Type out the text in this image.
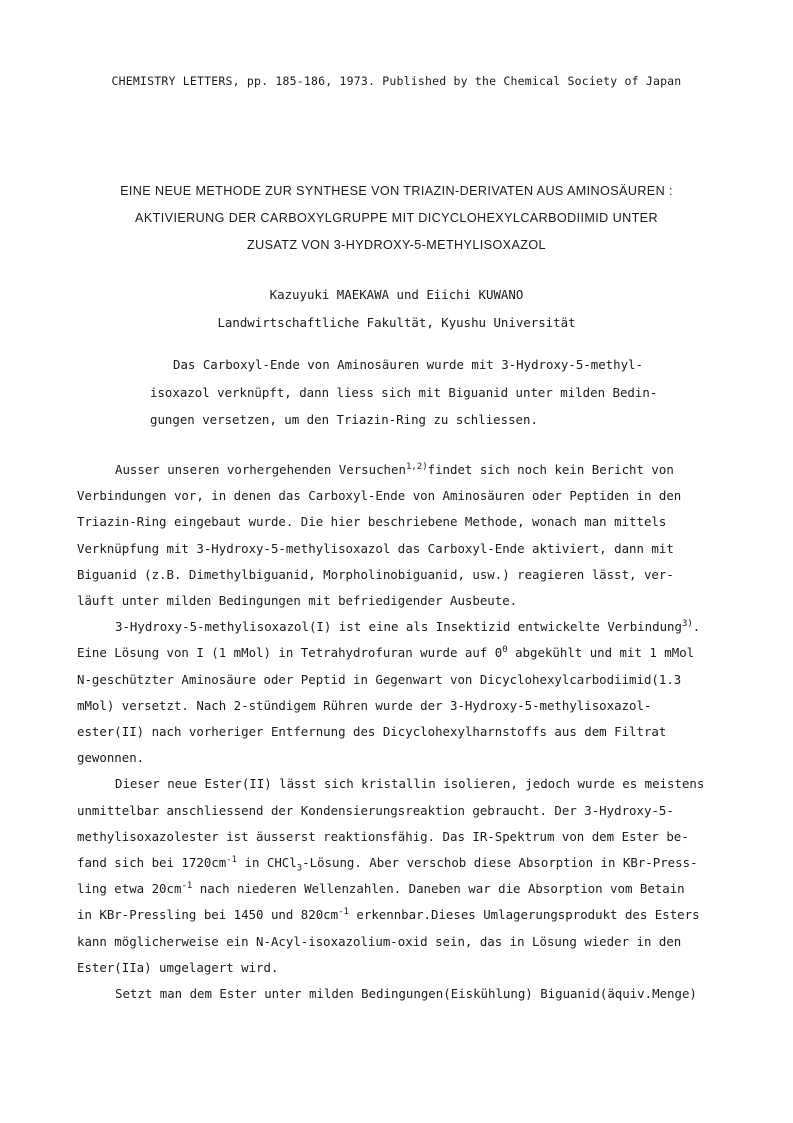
CHEMISTRY LETTERS, pp. 185-186, 1973. Published by the Chemical Society of Japan
EINE NEUE METHODE ZUR SYNTHESE VON TRIAZIN-DERIVATEN AUS AMINOSÄUREN :
AKTIVIERUNG DER CARBOXYLGRUPPE MIT DICYCLOHEXYLCARBODIIMID UNTER
ZUSATZ VON 3-HYDROXY-5-METHYLISOXAZOL
Kazuyuki MAEKAWA und Eiichi KUWANO
Landwirtschaftliche Fakultät, Kyushu Universität
Das Carboxyl-Ende von Aminosäuren wurde mit 3-Hydroxy-5-methyl-
isoxazol verknüpft, dann liess sich mit Biguanid unter milden Bedin-
gungen versetzen, um den Triazin-Ring zu schliessen.
Ausser unseren vorhergehenden Versuchen$^{1,2)}$findet sich noch kein Bericht von
Verbindungen vor, in denen das Carboxyl-Ende von Aminosäuren oder Peptiden in den
Triazin-Ring eingebaut wurde. Die hier beschriebene Methode, wonach man mittels
Verknüpfung mit 3-Hydroxy-5-methylisoxazol das Carboxyl-Ende aktiviert, dann mit
Biguanid (z.B. Dimethylbiguanid, Morpholinobiguanid, usw.) reagieren lässt, ver-
läuft unter milden Bedingungen mit befriedigender Ausbeute.
3-Hydroxy-5-methylisoxazol(I) ist eine als Insektizid entwickelte Verbindung$^{3)}$.
Eine Lösung von I (1 mMol) in Tetrahydrofuran wurde auf $0^0$ abgekühlt und mit 1 mMol
N-geschützter Aminosäure oder Peptid in Gegenwart von Dicyclohexylcarbodiimid(1.3
mMol) versetzt. Nach 2-stündigem Rühren wurde der 3-Hydroxy-5-methylisoxazol-
ester(II) nach vorheriger Entfernung des Dicyclohexylharnstoffs aus dem Filtrat
gewonnen.
Dieser neue Ester(II) lässt sich kristallin isolieren, jedoch wurde es meistens
unmittelbar anschliessend der Kondensierungsreaktion gebraucht. Der 3-Hydroxy-5-
methylisoxazolester ist äusserst reaktionsfähig. Das IR-Spektrum von dem Ester be-
fand sich bei $1720cm^{-1}$ in CHCl$_3$-Lösung. Aber verschob diese Absorption in KBr-Press-
ling etwa $20cm^{-1}$ nach niederen Wellenzahlen. Daneben war die Absorption vom Betain
in KBr-Pressling bei 1450 und $820cm^{-1}$ erkennbar.Dieses Umlagerungsprodukt des Esters
kann möglicherweise ein N-Acyl-isoxazolium-oxid sein, das in Lösung wieder in den
Ester(IIa) umgelagert wird.
Setzt man dem Ester unter milden Bedingungen(Eiskühlung) Biguanid(äquiv.Menge)
